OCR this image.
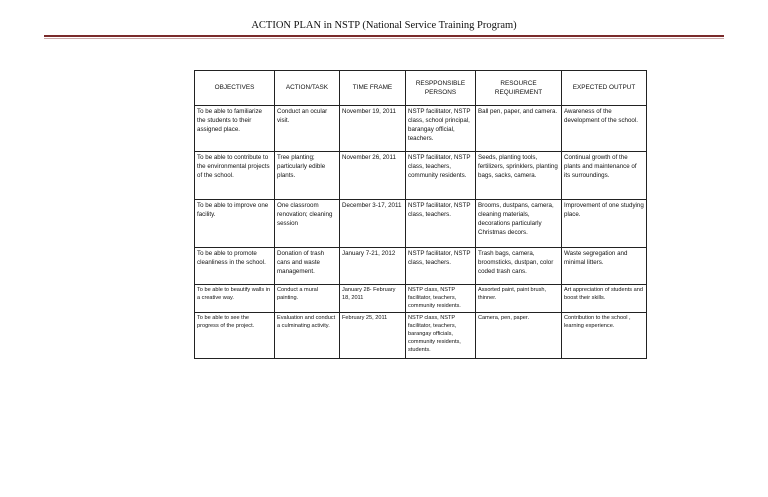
ACTION PLAN in NSTP (National Service Training Program)
OBJECTIVES	ACTION/TASK	TIME FRAME	RESPPONSIBLE PERSONS	RESOURCE REQUIREMENT	EXPECTED OUTPUT
To be able to familiarize the students to their assigned place.	Conduct an ocular visit.	November 19, 2011	NSTP facilitator, NSTP class, school principal, barangay official, teachers.	Ball pen, paper, and camera.	Awareness of the development of the school.
To be able to contribute to the environmental projects of the school.	Tree planting; particularly edible plants.	November 26, 2011	NSTP facilitator, NSTP class, teachers, community residents.	Seeds, planting tools, fertilizers, sprinklers, planting bags, sacks, camera.	Continual growth of the plants and maintenance of its surroundings.
To be able to improve one facility.	One classroom renovation; cleaning session	December 3-17, 2011	NSTP facilitator, NSTP class, teachers.	Brooms, dustpans, camera, cleaning materials, decorations particularly Christmas decors.	Improvement of one studying place.
To be able to promote cleanliness in the school.	Donation of trash cans and waste management.	January 7-21, 2012	NSTP facilitator, NSTP class, teachers.	Trash bags, camera, broomsticks, dustpan, color coded trash cans.	Waste segregation and minimal litters.
To be able to beautify walls in a creative way.	Conduct a mural painting.	January 28- February 18, 2011	NSTP class, NSTP facilitator, teachers, community residents.	Assorted paint, paint brush, thinner.	Art appreciation of students and boost their skills.
To be able to see the progress of the project.	Evaluation and conduct a culminating activity.	February 25, 2011	NSTP class, NSTP facilitator, teachers, barangay officials, community residents, students.	Camera, pen, paper.	Contribution to the school , learning experience.
